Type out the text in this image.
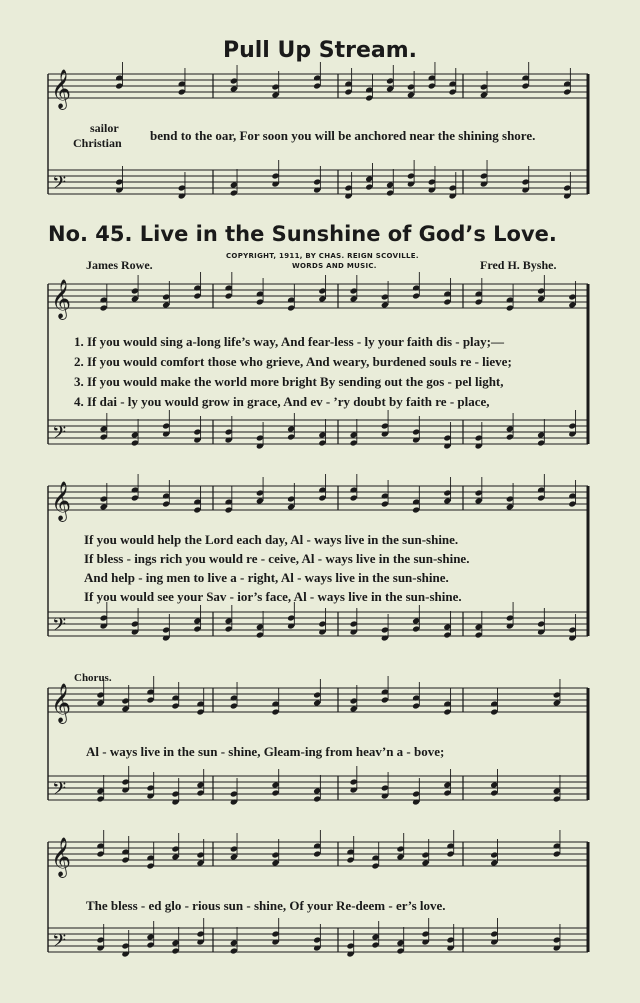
Pull Up Stream.
𝄞
𝄢
𝄞
𝄢
𝄞
𝄢
𝄞
𝄢
𝄞
𝄢
sailor
Christian bend to the oar, For soon you will be anchored near the shining shore.
No. 45. Live in the Sunshine of God’s Love.
COPYRIGHT, 1911, BY CHAS. REIGN SCOVILLE.
WORDS AND MUSIC.
James Rowe.	Fred H. Byshe.
1. If you would sing a-long life’s way, And fear-less - ly your faith dis - play;—
2. If you would comfort those who grieve, And weary, burdened souls re - lieve;
3. If you would make the world more bright By sending out the gos - pel light,
4. If dai - ly you would grow in grace, And ev - ’ry doubt by faith re - place,
If you would help the Lord each day, Al - ways live in the sun-shine.
If bless - ings rich you would re - ceive, Al - ways live in the sun-shine.
And help - ing men to live a - right, Al - ways live in the sun-shine.
If you would see your Sav - ior’s face, Al - ways live in the sun-shine.
Chorus.
Al - ways live in the sun - shine, Gleam-ing from heav’n a - bove;
The bless - ed glo - rious sun - shine, Of your Re-deem - er’s love.
